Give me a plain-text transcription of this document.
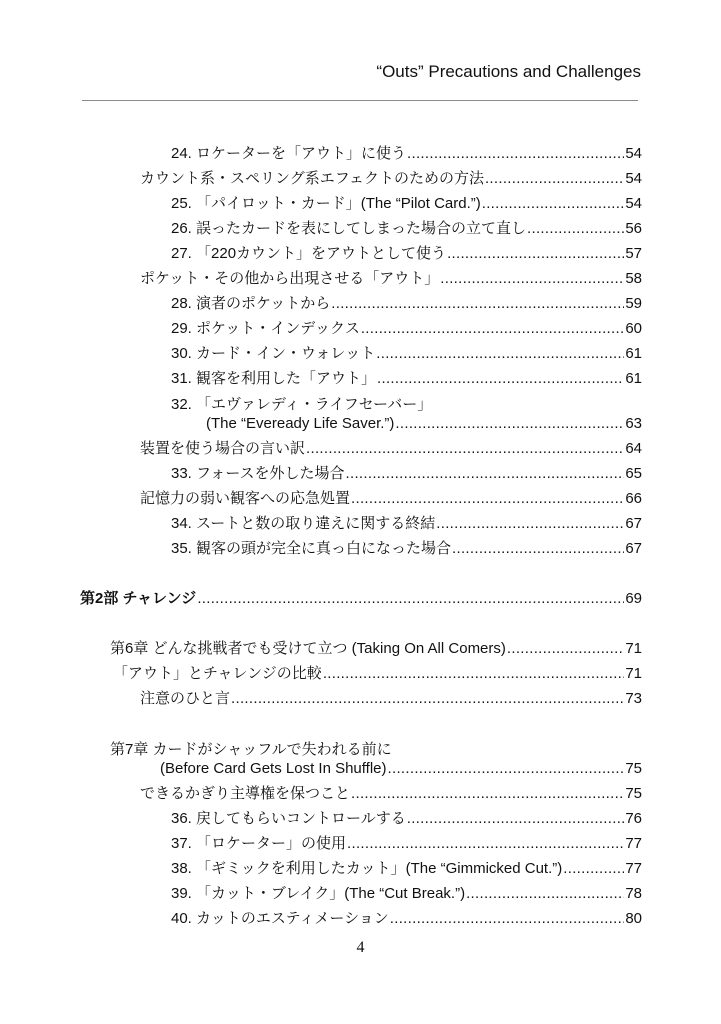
“Outs” Precautions and Challenges
24. ロケーターを「アウト」に使う .....	54
カウント系・スペリング系エフェクトのための方法 .....	54
25. 「パイロット・カード」(The “Pilot Card.”) .....	54
26. 誤ったカードを表にしてしまった場合の立て直し .....	56
27. 「220カウント」をアウトとして使う .....	57
ポケット・その他から出現させる「アウト」 .....	58
28. 演者のポケットから .....	59
29. ポケット・インデックス .....	60
30. カード・イン・ウォレット .....	61
31. 観客を利用した「アウト」 .....	61
32. 「エヴァレディ・ライフセーバー」
(The “Eveready Life Saver.”) .....	63
装置を使う場合の言い訳 .....	64
33. フォースを外した場合 .....	65
記憶力の弱い観客への応急処置 .....	66
34. スートと数の取り違えに関する終結 .....	67
35. 観客の頭が完全に真っ白になった場合 .....	67
第2部 チャレンジ .....	69
第6章 どんな挑戦者でも受けて立つ (Taking On All Comers) .....	71
「アウト」とチャレンジの比較 .....	71
注意のひと言 .....	73
第7章 カードがシャッフルで失われる前に
(Before Card Gets Lost In Shuffle) .....	75
できるかぎり主導権を保つこと .....	75
36. 戻してもらいコントロールする .....	76
37. 「ロケーター」の使用 .....	77
38. 「ギミックを利用したカット」(The “Gimmicked Cut.”) .....	77
39. 「カット・ブレイク」(The “Cut Break.”) .....	78
40. カットのエスティメーション .....	80
4
